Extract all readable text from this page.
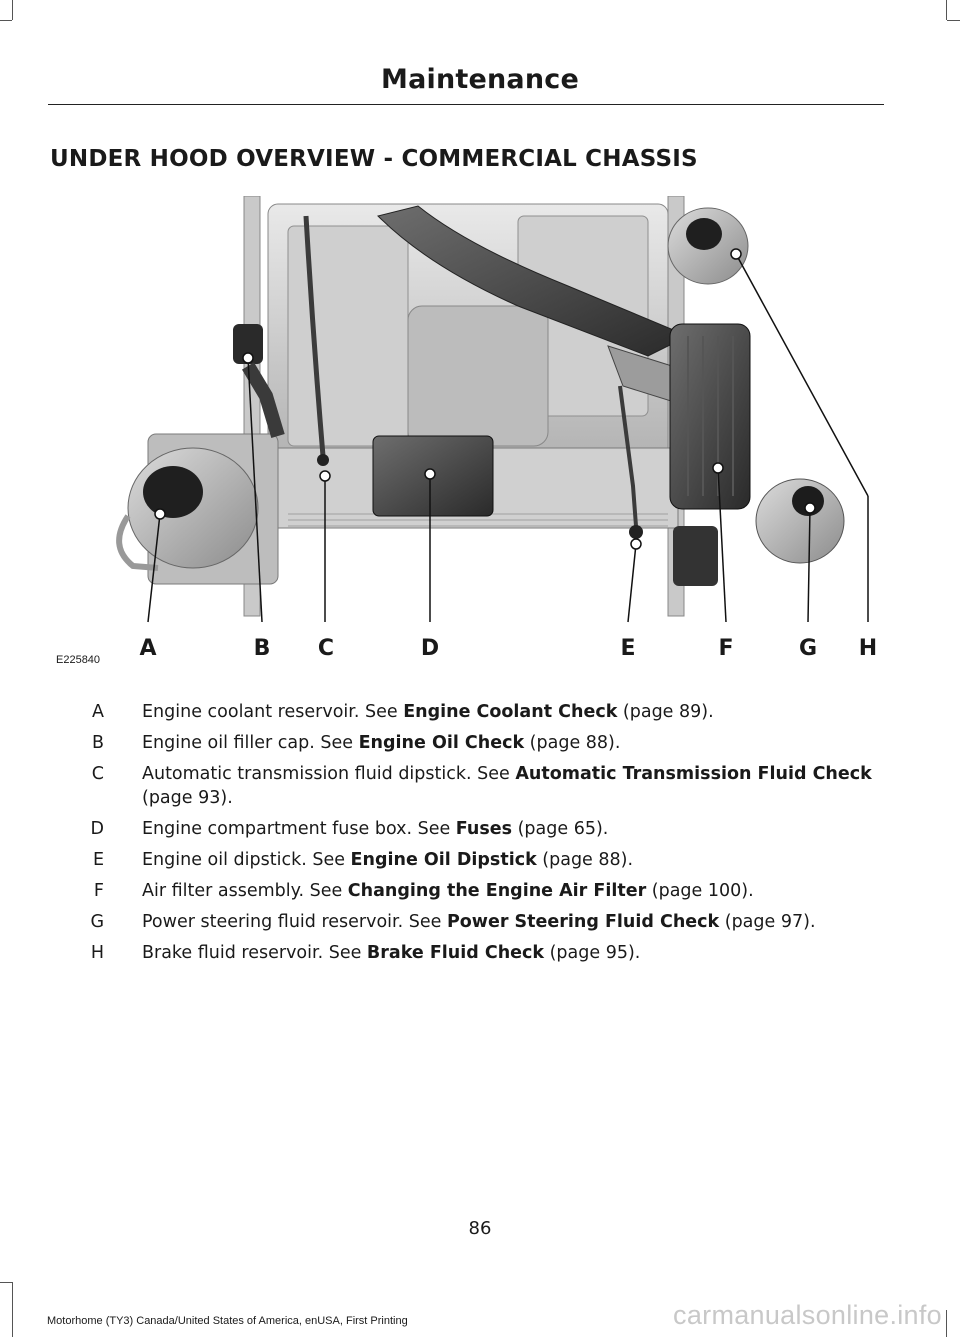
Maintenance
UNDER HOOD OVERVIEW - COMMERCIAL CHASSIS
A	B C	D	E	F	G H
E225840
A	Engine coolant reservoir. See Engine Coolant Check (page 89).
B	Engine oil filler cap. See Engine Oil Check (page 88).
C	Automatic transmission fluid dipstick. See Automatic Transmission Fluid Check (page 93).
D	Engine compartment fuse box. See Fuses (page 65).
E	Engine oil dipstick. See Engine Oil Dipstick (page 88).
F	Air filter assembly. See Changing the Engine Air Filter (page 100).
G	Power steering fluid reservoir. See Power Steering Fluid Check (page 97).
H	Brake fluid reservoir. See Brake Fluid Check (page 95).
86
Motorhome (TY3) Canada/United States of America, enUSA, First Printing	carmanualsonline.info
